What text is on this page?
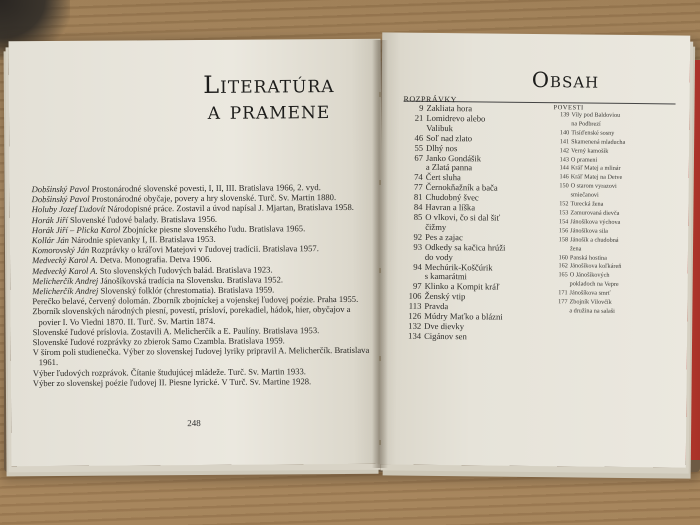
Literatúra
a pramene
Dobšinský Pavol Prostonárodné slovenské povesti, I, II, III. Bratislava 1966, 2. vyd.
Dobšinský Pavol Prostonárodné obyčaje, povery a hry slovenské. Turč. Sv. Martin 1880.
Holuby Jozef Ľudovít Národopisné práce. Zostavil a úvod napísal J. Mjartan, Bratislava 1958.
Horák Jiří Slovenské ľudové balady. Bratislava 1956.
Horák Jiří – Plicka Karol Zbojnícke piesne slovenského ľudu. Bratislava 1965.
Kollár Ján Národnie spievanky I, II. Bratislava 1953.
Komorovský Ján Rozprávky o kráľovi Matejovi v ľudovej tradícii. Bratislava 1957.
Medvecký Karol A. Detva. Monografia. Detva 1906.
Medvecký Karol A. Sto slovenských ľudových balád. Bratislava 1923.
Melicherčík Andrej Jánošíkovská tradícia na Slovensku. Bratislava 1952.
Melicherčík Andrej Slovenský folklór (chrestomatia). Bratislava 1959.
Perečko belavé, červený dolomán. Zborník zbojníckej a vojenskej ľudovej poézie. Praha 1955.
Zborník slovenských národných piesní, povestí, prísloví, porekadiel, hádok, hier, obyčajov a povier I. Vo Viedni 1870. II. Turč. Sv. Martin 1874.
Slovenské ľudové príslovia. Zostavili A. Melicherčík a E. Paulíny. Bratislava 1953.
Slovenské ľudové rozprávky zo zbierok Samo Czambla. Bratislava 1959.
V šírom poli studienečka. Výber zo slovenskej ľudovej lyriky pripravil A. Melicherčík. Bratislava 1961.
Výber ľudových rozprávok. Čítanie študujúcej mládeže. Turč. Sv. Martin 1933.
Výber zo slovenskej poézie ľudovej II. Piesne lyrické. V Turč. Sv. Martine 1928.
248
Obsah
ROZPRÁVKY
9 Zakliata hora
21 Lomidrevo alebo
Valibuk
46 Soľ nad zlato
55 Dlhý nos
67 Janko Gondášik
a Zlatá panna
74 Čert sluha
77 Černokňažník a bača
81 Chudobný švec
84 Havran a líška
85 O vlkovi, čo si dal šiť
čižmy
92 Pes a zajac
93 Odkedy sa kačica hrúži
do vody
94 Mechúrik-Koščúrik
s kamarátmi
97 Klinko a Kompit kráľ
106 Ženský vtip
113 Pravda
126 Múdry Maťko a blázni
132 Dve dievky
134 Cigánov sen
POVESTI
139 Vily pod Baldoviou
na Podbrezí
140 Tisíďenské sosny
141 Skamenená mladucha
142 Verný kamošík
143 O prameni
144 Kráľ Matej a mlinár
146 Kráľ Matej na Detve
150 O starom vyrazovi
smiečanovi
152 Turecká žena
153 Zamurovaná dievča
154 Jánošíkova výchova
156 Jánošíkova sila
158 Jánošík a chudobná
žena
160 Panská hostina
162 Jánošíkova koľkáreň
165 O Jánošíkových
pokladoch na Vepre
171 Jánošíkova smrť
177 Zbojník Vilovčík
a družina na salaši
